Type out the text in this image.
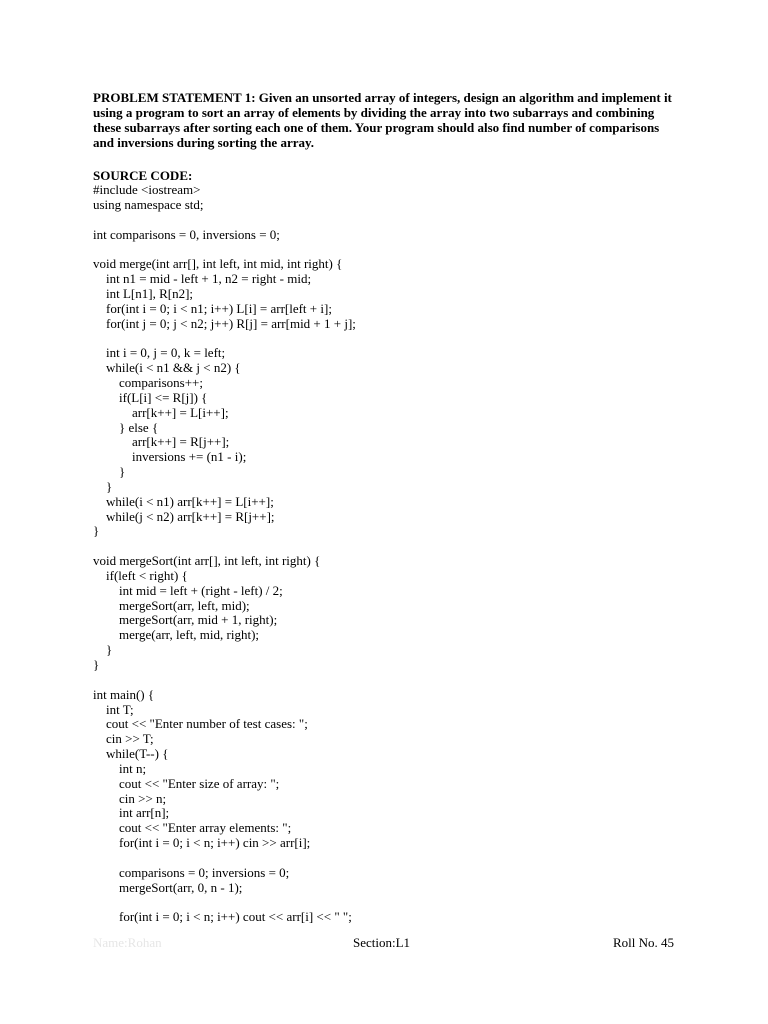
PROBLEM STATEMENT 1: Given an unsorted array of integers, design an algorithm and implement it using a program to sort an array of elements by dividing the array into two subarrays and combining these subarrays after sorting each one of them. Your program should also find number of comparisons and inversions during sorting the array.

SOURCE CODE:

#include <iostream>
using namespace std;
int comparisons = 0, inversions = 0;
void merge(int arr[], int left, int mid, int right) {
int n1 = mid - left + 1, n2 = right - mid;
int L[n1], R[n2];
for(int i = 0; i < n1; i++) L[i] = arr[left + i];
for(int j = 0; j < n2; j++) R[j] = arr[mid + 1 + j];
int i = 0, j = 0, k = left;
while(i < n1 && j < n2) {
comparisons++;
if(L[i] <= R[j]) {
arr[k++] = L[i++];
} else {
arr[k++] = R[j++];
inversions += (n1 - i);
}
}
while(i < n1) arr[k++] = L[i++];
while(j < n2) arr[k++] = R[j++];
}
void mergeSort(int arr[], int left, int right) {
if(left < right) {
int mid = left + (right - left) / 2;
mergeSort(arr, left, mid);
mergeSort(arr, mid + 1, right);
merge(arr, left, mid, right);
}
}
int main() {
int T;
cout << "Enter number of test cases: ";
cin >> T;
while(T--) {
int n;
cout << "Enter size of array: ";
cin >> n;
int arr[n];
cout << "Enter array elements: ";
for(int i = 0; i < n; i++) cin >> arr[i];
comparisons = 0; inversions = 0;
mergeSort(arr, 0, n - 1);
for(int i = 0; i < n; i++) cout << arr[i] << " ";
Name:Rohan	Section:L1	Roll No. 45
